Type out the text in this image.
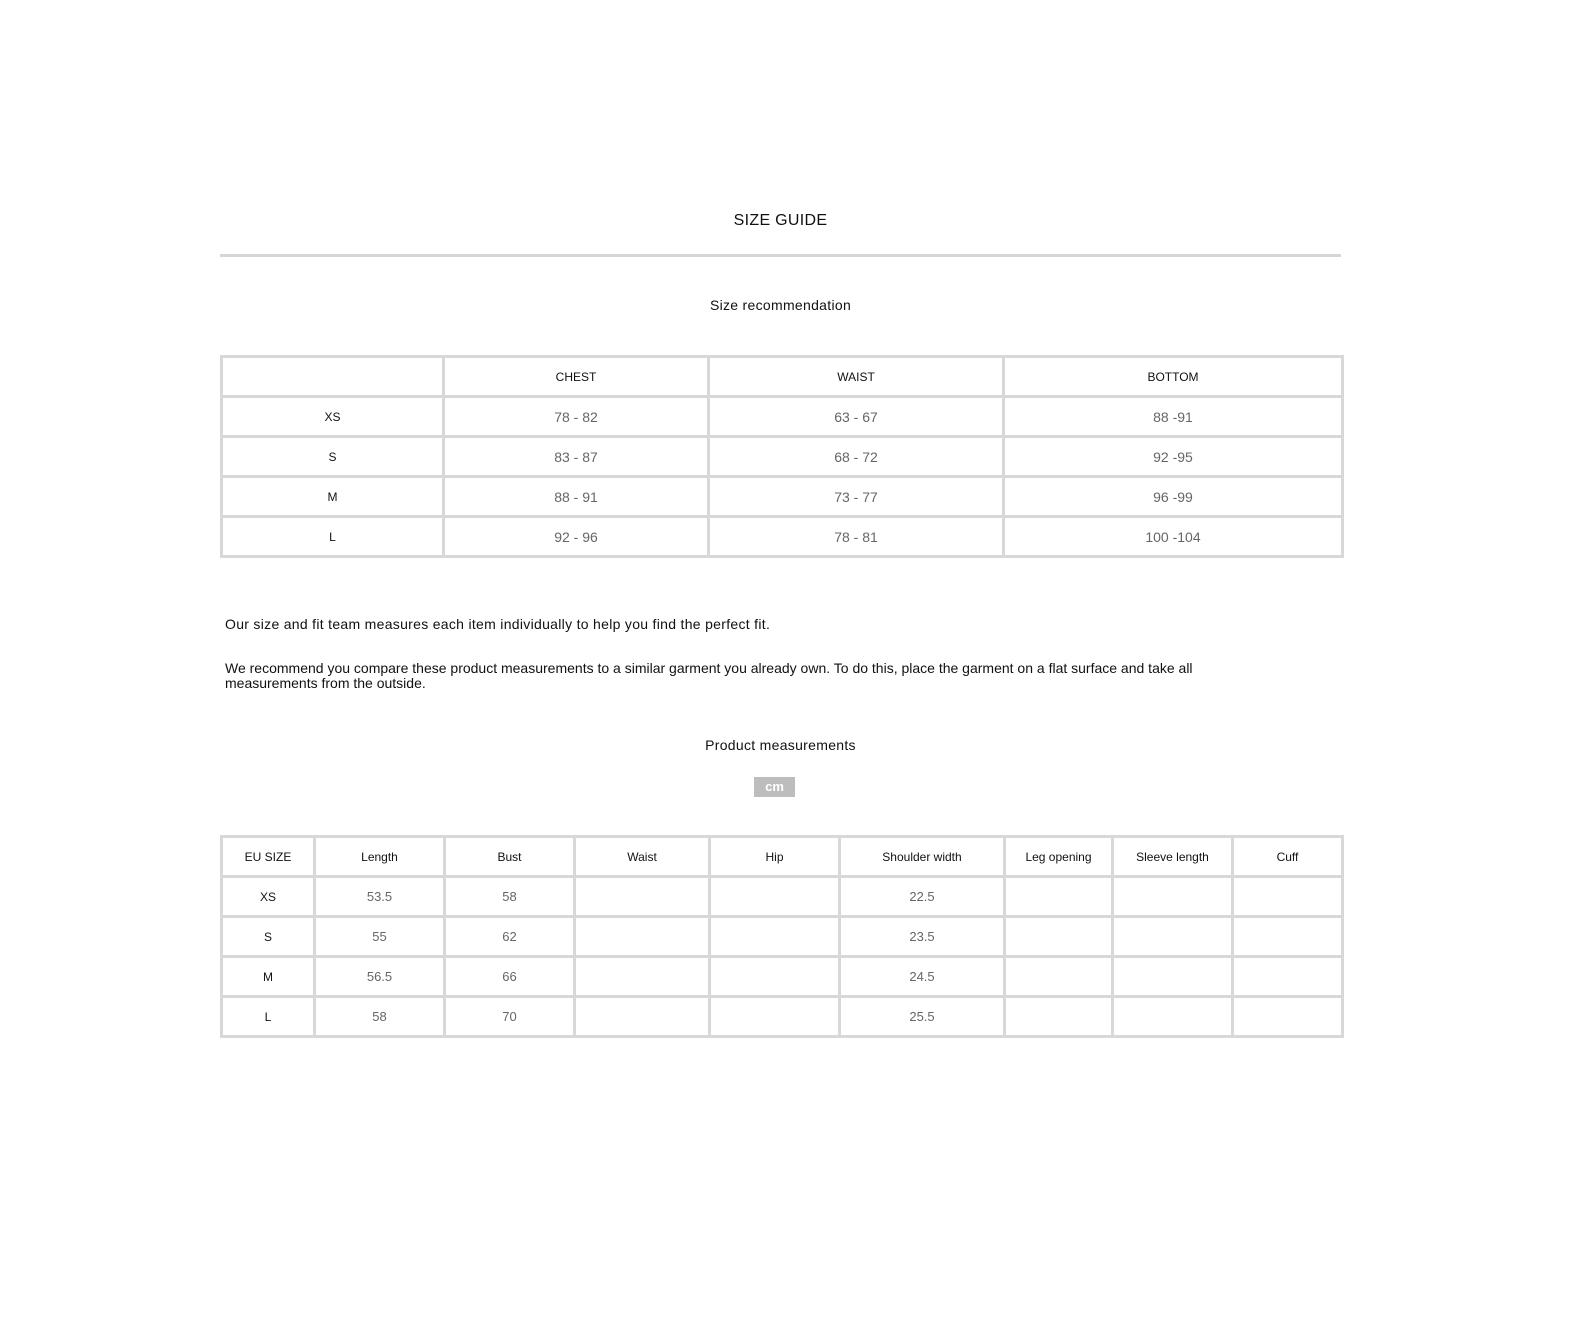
SIZE GUIDE
Size recommendation
	CHEST	WAIST	BOTTOM
XS	78 - 82	63 - 67	88 -91
S	83 - 87	68 - 72	92 -95
M	88 - 91	73 - 77	96 -99
L	92 - 96	78 - 81	100 -104
Our size and fit team measures each item individually to help you find the perfect fit.
We recommend you compare these product measurements to a similar garment you already own. To do this, place the garment on a flat surface and take all measurements from the outside.
Product measurements
cm
EU SIZE	Length	Bust	Waist	Hip	Shoulder width	Leg opening	Sleeve length	Cuff
XS	53.5	58			22.5			
S	55	62			23.5			
M	56.5	66			24.5			
L	58	70			25.5			
